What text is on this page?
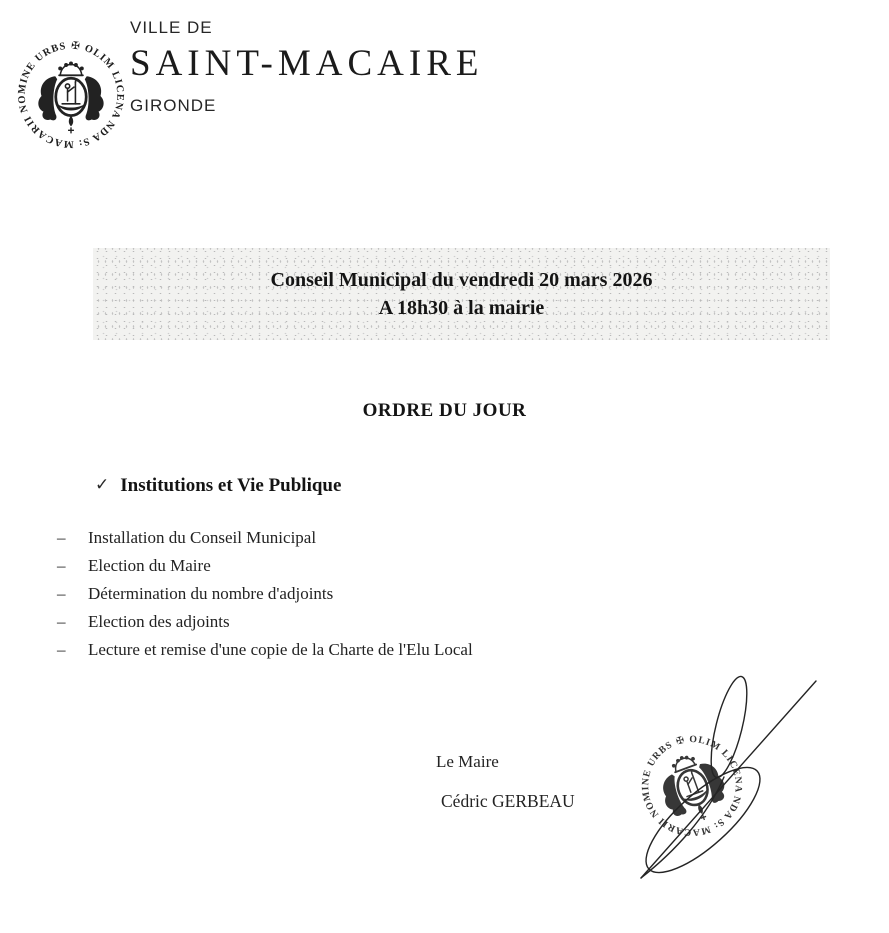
✠ OLIM LICENA NDA S: MACARII NOMINE URBS
VILLE DE
SAINT-MACAIRE
GIRONDE
Conseil Municipal du vendredi 20 mars 2026
A 18h30 à la mairie
ORDRE DU JOUR
✓ Institutions et Vie Publique
–	Installation du Conseil Municipal
–	Election du Maire
–	Détermination du nombre d'adjoints
–	Election des adjoints
–	Lecture et remise d'une copie de la Charte de l'Elu Local
Le Maire
Cédric GERBEAU
